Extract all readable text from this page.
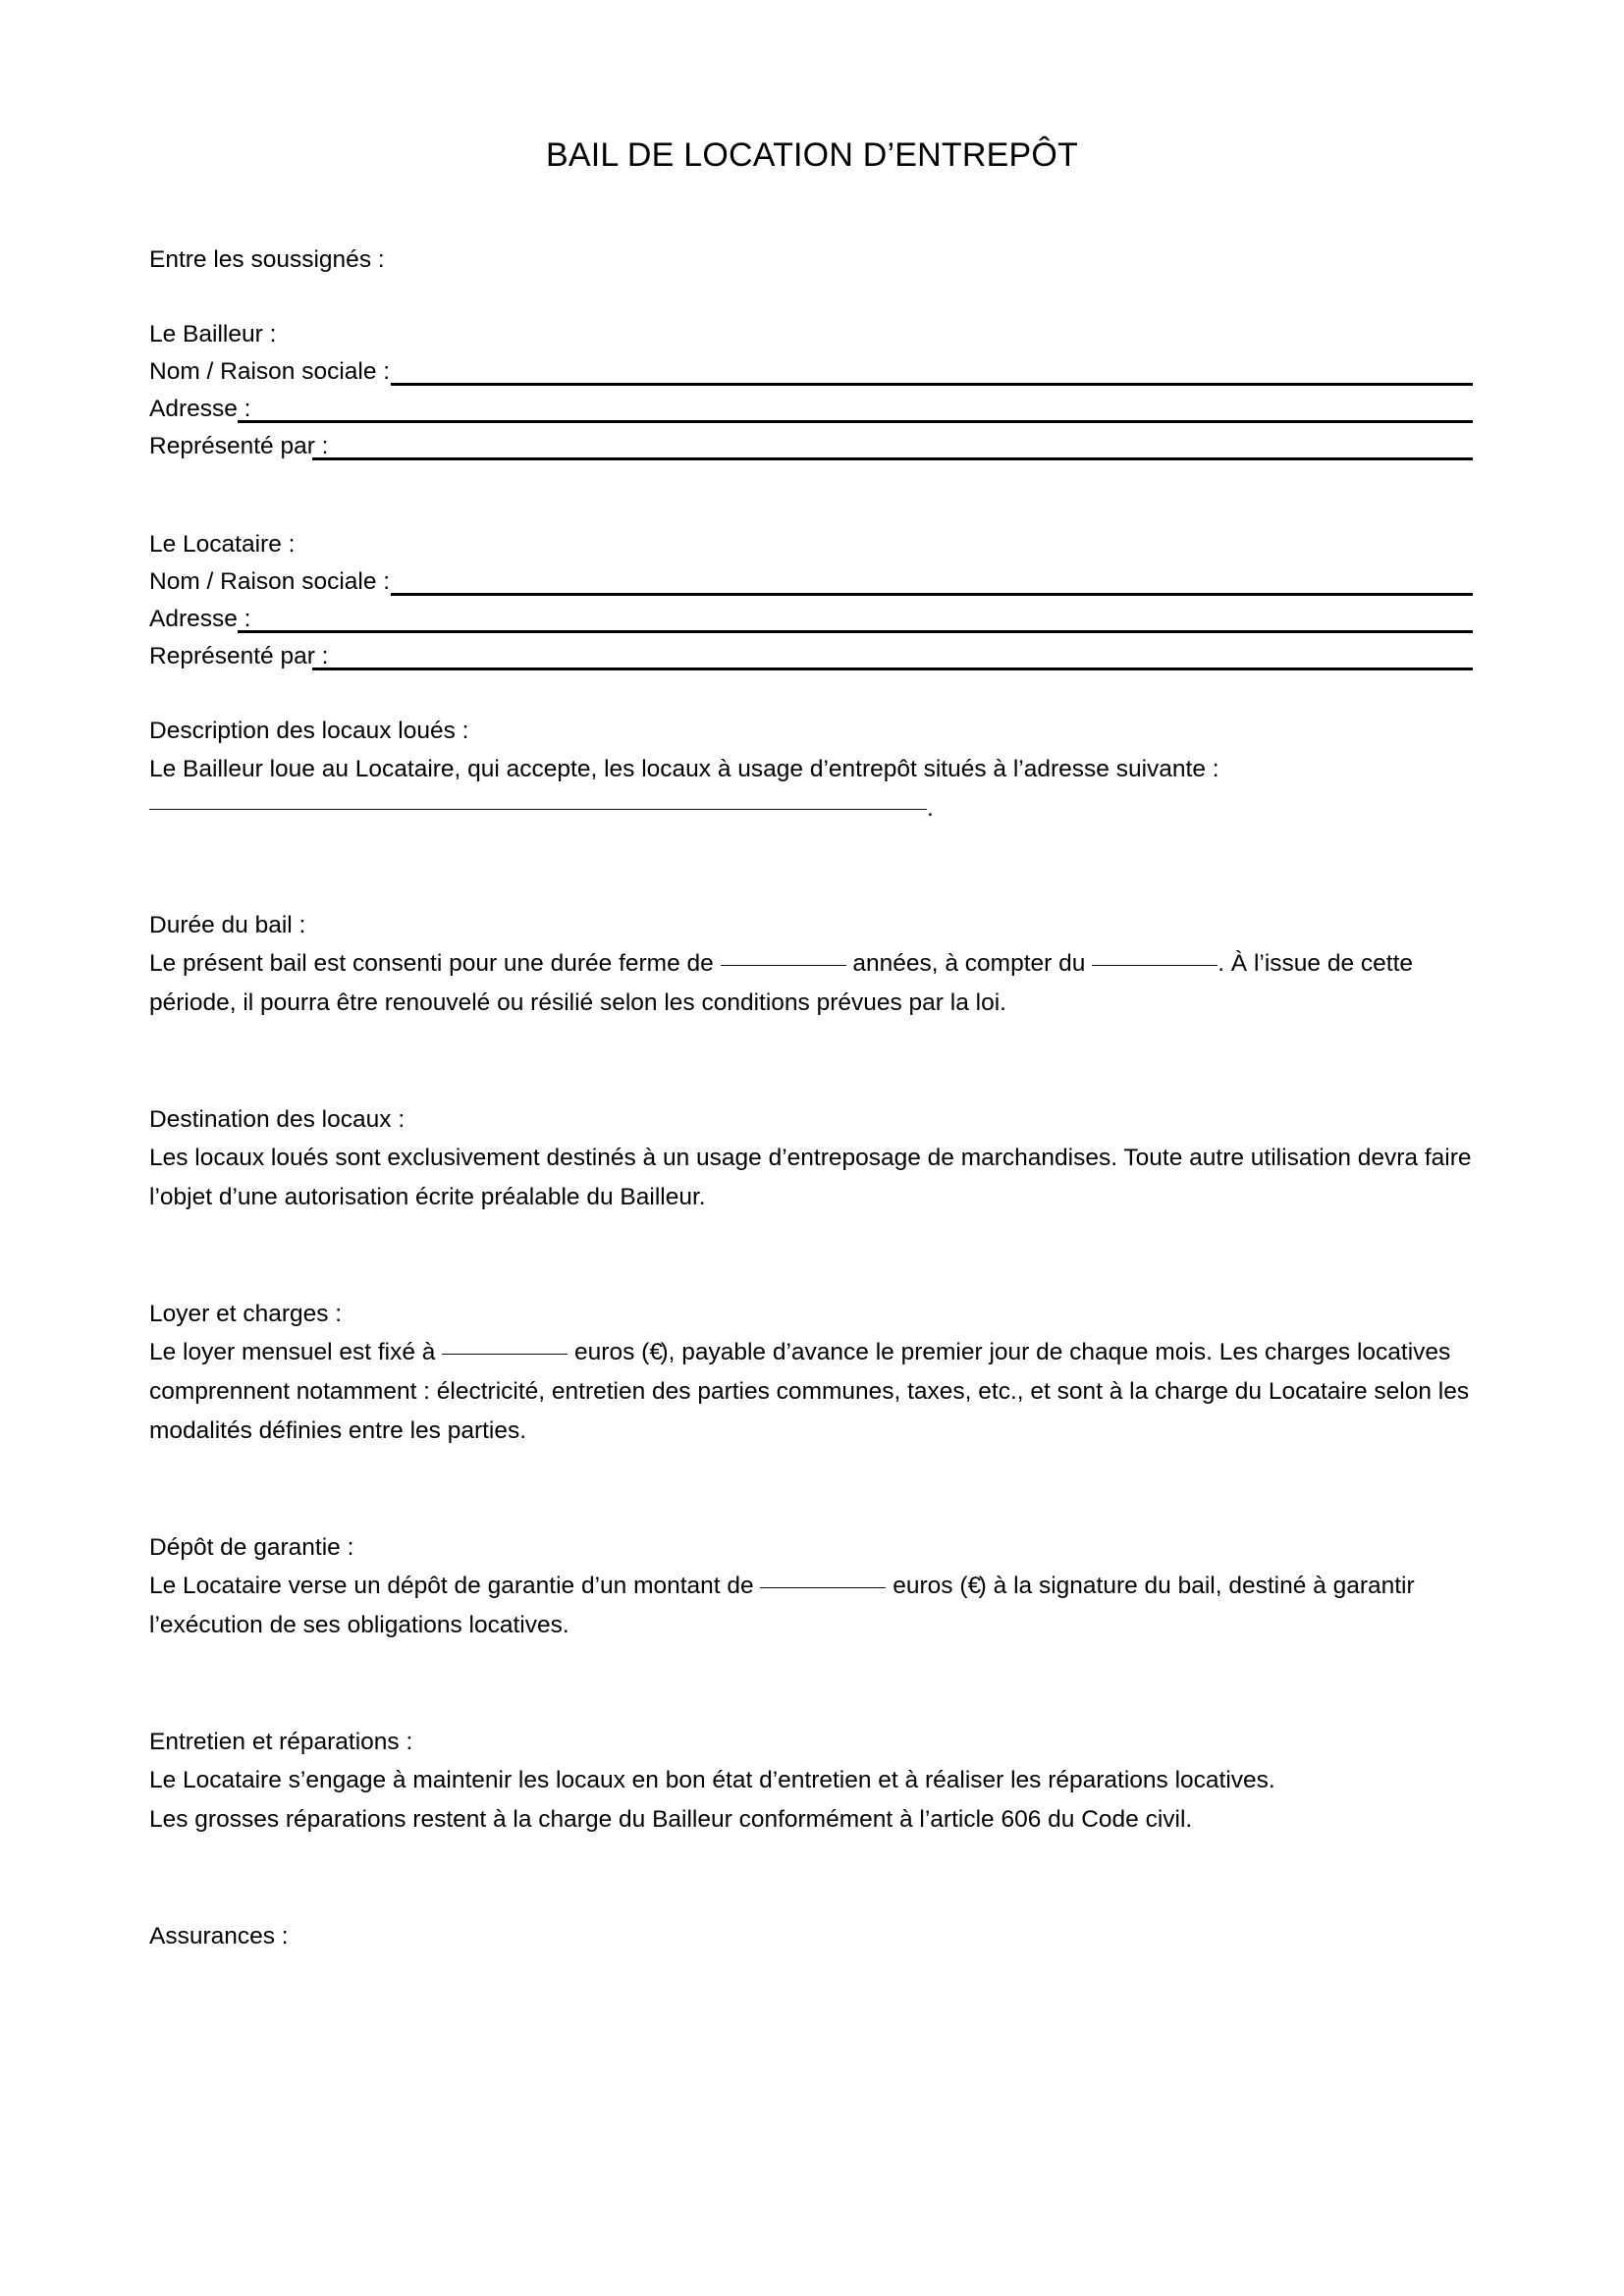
BAIL DE LOCATION D’ENTREPÔT

Entre les soussignés :

Le Bailleur :

Nom / Raison sociale :
Adresse :
Représenté par :

Le Locataire :

Nom / Raison sociale :
Adresse :
Représenté par :

Description des locaux loués :

Le Bailleur loue au Locataire, qui accepte, les locaux à usage d’entrepôt situés à l’adresse suivante :

.

Durée du bail :

Le présent bail est consenti pour une durée ferme de	années, à compter du	. À l’issue de cette période, il pourra être renouvelé ou résilié selon les conditions prévues par la loi.

Destination des locaux :

Les locaux loués sont exclusivement destinés à un usage d’entreposage de marchandises. Toute autre utilisation devra faire l’objet d’une autorisation écrite préalable du Bailleur.

Loyer et charges :

Le loyer mensuel est fixé à	euros (€), payable d’avance le premier jour de chaque mois. Les charges locatives comprennent notamment : électricité, entretien des parties communes, taxes, etc., et sont à la charge du Locataire selon les modalités définies entre les parties.

Dépôt de garantie :

Le Locataire verse un dépôt de garantie d’un montant de	euros (€) à la signature du bail, destiné à garantir l’exécution de ses obligations locatives.

Entretien et réparations :

Le Locataire s’engage à maintenir les locaux en bon état d’entretien et à réaliser les réparations locatives.

Les grosses réparations restent à la charge du Bailleur conformément à l’article 606 du Code civil.

Assurances :
